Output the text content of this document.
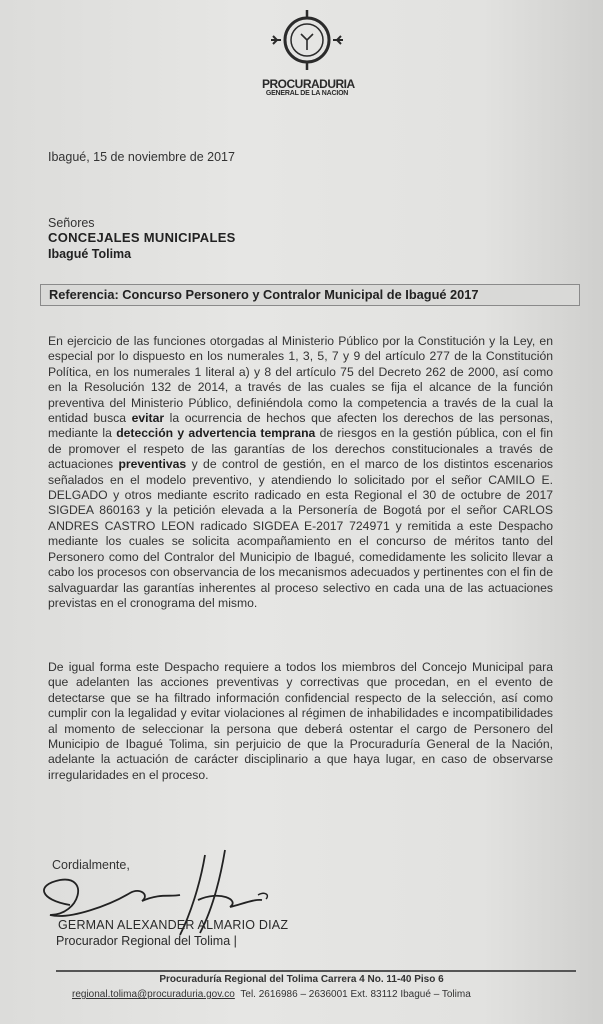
PROCURADURIA
GENERAL DE LA NACION
Ibagué, 15 de noviembre de 2017
Señores
CONCEJALES MUNICIPALES
Ibagué Tolima
Referencia: Concurso Personero y Contralor Municipal de Ibagué 2017
En ejercicio de las funciones otorgadas al Ministerio Público por la Constitución y la Ley, en especial por lo dispuesto en los numerales 1, 3, 5, 7 y 9 del artículo 277 de la Constitución Política, en los numerales 1 literal a) y 8 del artículo 75 del Decreto 262 de 2000, así como en la Resolución 132 de 2014, a través de las cuales se fija el alcance de la función preventiva del Ministerio Público, definiéndola como la competencia a través de la cual la entidad busca evitar la ocurrencia de hechos que afecten los derechos de las personas, mediante la detección y advertencia temprana de riesgos en la gestión pública, con el fin de promover el respeto de las garantías de los derechos constitucionales a través de actuaciones preventivas y de control de gestión, en el marco de los distintos escenarios señalados en el modelo preventivo, y atendiendo lo solicitado por el señor CAMILO E. DELGADO y otros mediante escrito radicado en esta Regional el 30 de octubre de 2017 SIGDEA 860163 y la petición elevada a la Personería de Bogotá por el señor CARLOS ANDRES CASTRO LEON radicado SIGDEA E-2017 724971 y remitida a este Despacho mediante los cuales se solicita acompañamiento en el concurso de méritos tanto del Personero como del Contralor del Municipio de Ibagué, comedidamente les solicito llevar a cabo los procesos con observancia de los mecanismos adecuados y pertinentes con el fin de salvaguardar las garantías inherentes al proceso selectivo en cada una de las actuaciones previstas en el cronograma del mismo.
De igual forma este Despacho requiere a todos los miembros del Concejo Municipal para que adelanten las acciones preventivas y correctivas que procedan, en el evento de detectarse que se ha filtrado información confidencial respecto de la selección, así como cumplir con la legalidad y evitar violaciones al régimen de inhabilidades e incompatibilidades al momento de seleccionar la persona que deberá ostentar el cargo de Personero del Municipio de Ibagué Tolima, sin perjuicio de que la Procuraduría General de la Nación, adelante la actuación de carácter disciplinario a que haya lugar, en caso de observarse irregularidades en el proceso.
Cordialmente,
GERMAN ALEXANDER ALMARIO DIAZ
Procurador Regional del Tolima |
Procuraduría Regional del Tolima Carrera 4 No. 11-40 Piso 6
regional.tolima@procuraduria.gov.co Tel. 2616986 – 2636001 Ext. 83112 Ibagué – Tolima
